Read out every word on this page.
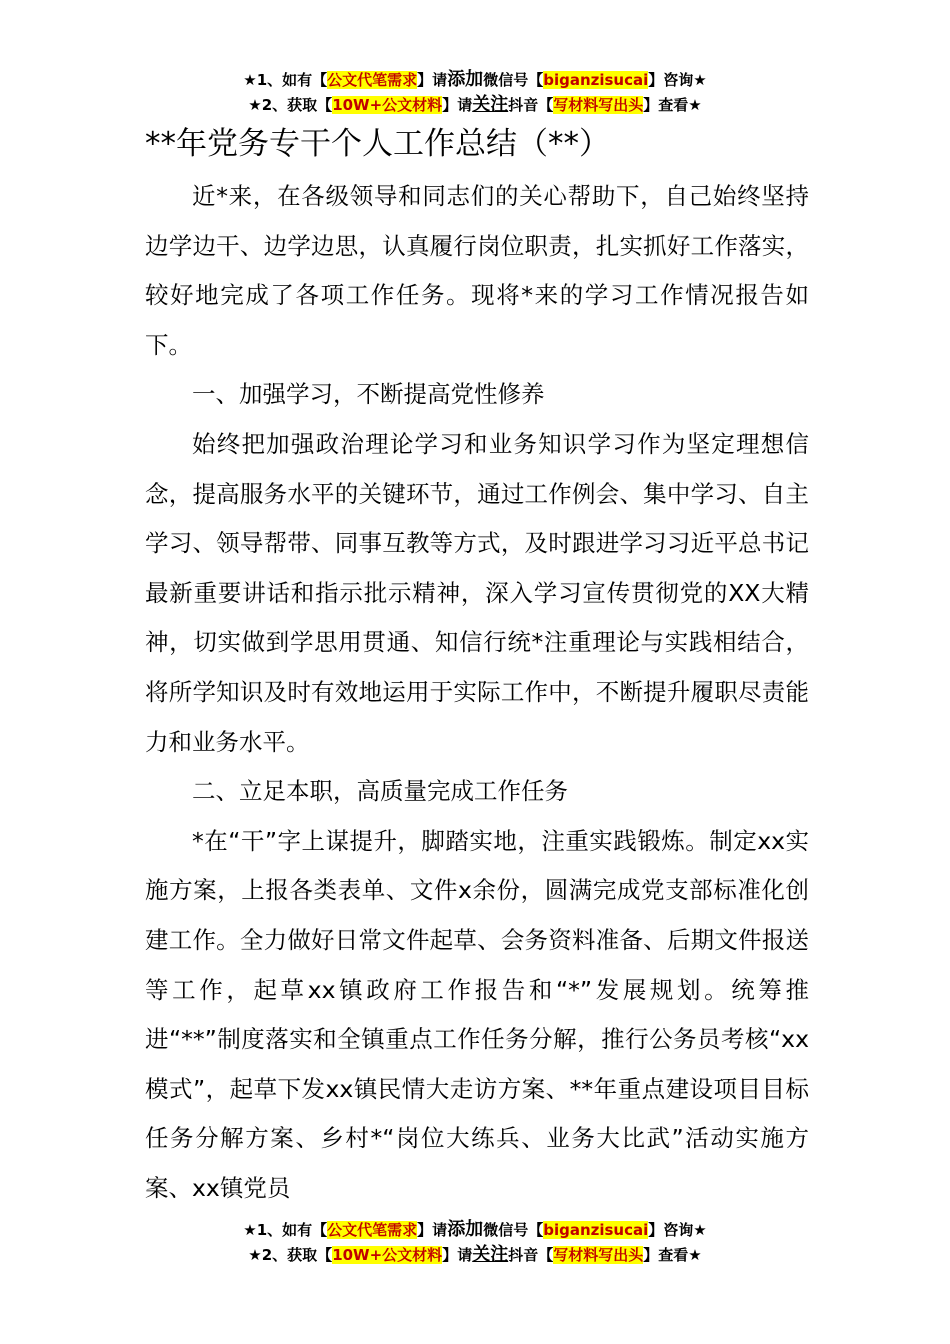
★1、如有【公文代笔需求】请添加微信号【biganzisucai】咨询★
★2、获取【10W+公文材料】请关注抖音【写材料写出头】查看★
**年党务专干个人工作总结（**）

近*来，在各级领导和同志们的关心帮助下，自己始终坚持边学边干、边学边思，认真履行岗位职责，扎实抓好工作落实，较好地完成了各项工作任务。现将*来的学习工作情况报告如下。

一、加强学习，不断提高党性修养

始终把加强政治理论学习和业务知识学习作为坚定理想信念，提高服务水平的关键环节，通过工作例会、集中学习、自主学习、领导帮带、同事互教等方式，及时跟进学习习近平总书记最新重要讲话和指示批示精神，深入学习宣传贯彻党的XX大精神，切实做到学思用贯通、知信行统*注重理论与实践相结合，将所学知识及时有效地运用于实际工作中，不断提升履职尽责能力和业务水平。

二、立足本职，高质量完成工作任务

*在“干”字上谋提升，脚踏实地，注重实践锻炼。制定xx实施方案，上报各类表单、文件x余份，圆满完成党支部标准化创建工作。全力做好日常文件起草、会务资料准备、后期文件报送等工作，起草xx镇政府工作报告和“*”发展规划。统筹推进“**”制度落实和全镇重点工作任务分解，推行公务员考核“xx模式”，起草下发xx镇民情大走访方案、**年重点建设项目目标任务分解方案、乡村*“岗位大练兵、业务大比武”活动实施方案、xx镇党员

★1、如有【公文代笔需求】请添加微信号【biganzisucai】咨询★
★2、获取【10W+公文材料】请关注抖音【写材料写出头】查看★
